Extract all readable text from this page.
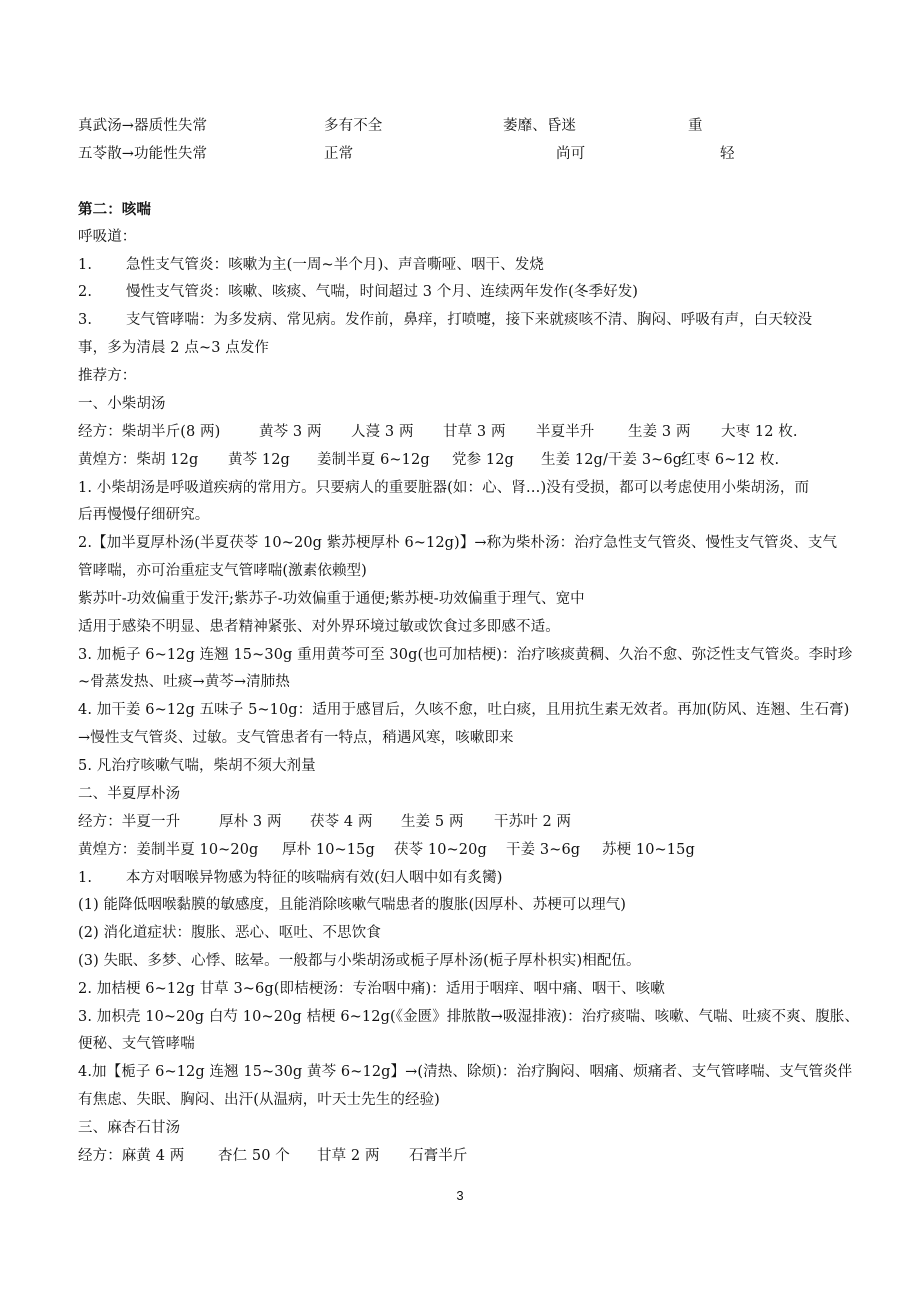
真武汤→器质性失常	多有不全	萎靡、昏迷	重
五苓散→功能性失常	正常	尚可	轻
第二：咳喘
呼吸道：
1. 急性支气管炎：咳嗽为主(一周~半个月)、声音嘶哑、咽干、发烧
2. 慢性支气管炎：咳嗽、咳痰、气喘，时间超过 3 个月、连续两年发作(冬季好发)
3. 支气管哮喘：为多发病、常见病。发作前，鼻痒，打喷嚏，接下来就痰咳不清、胸闷、呼吸有声，白天较没
事，多为清晨 2 点~3 点发作
推荐方：
一、小柴胡汤
经方：柴胡半斤(8 两)	黄芩 3 两 人蓡 3 两 甘草 3 两 半夏半升 生姜 3 两 大枣 12 枚.
黄煌方：柴胡 12g 黄芩 12g 姜制半夏 6~12g 党参 12g 生姜 12g/干姜 3~6g
红枣 6~12 枚.
1. 小柴胡汤是呼吸道疾病的常用方。只要病人的重要脏器(如：心、肾…)没有受损，都可以考虑使用小柴胡汤，而
后再慢慢仔细研究。
2.【加半夏厚朴汤(半夏茯苓 10~20g 紫苏梗厚朴 6~12g)】→称为柴朴汤：治疗急性支气管炎、慢性支气管炎、支气
管哮喘，亦可治重症支气管哮喘(激素依赖型)
紫苏叶-功效偏重于发汗;紫苏子-功效偏重于通便;紫苏梗-功效偏重于理气、宽中
适用于感染不明显、患者精神紧张、对外界环境过敏或饮食过多即感不适。
3. 加栀子 6~12g 连翘 15~30g 重用黄芩可至 30g(也可加桔梗)：治疗咳痰黄稠、久治不愈、弥泛性支气管炎。李时珍
~骨蒸发热、吐痰→黄芩→清肺热
4. 加干姜 6~12g 五味子 5~10g：适用于感冒后，久咳不愈，吐白痰，且用抗生素无效者。再加(防风、连翘、生石膏)
→慢性支气管炎、过敏。支气管患者有一特点，稍遇风寒，咳嗽即来
5. 凡治疗咳嗽气喘，柴胡不须大剂量
二、半夏厚朴汤
经方：半夏一升	厚朴 3 两 茯苓 4 两 生姜 5 两 干苏叶 2 两
黄煌方：姜制半夏 10~20g 厚朴 10~15g 茯苓 10~20g 干姜 3~6g 苏梗 10~15g
1. 本方对咽喉异物感为特征的咳喘病有效(妇人咽中如有炙臠)
(1) 能降低咽喉黏膜的敏感度，且能消除咳嗽气喘患者的腹胀(因厚朴、苏梗可以理气)
(2) 消化道症状：腹胀、恶心、呕吐、不思饮食
(3) 失眠、多梦、心悸、眩晕。一般都与小柴胡汤或栀子厚朴汤(栀子厚朴枳实)相配伍。
2. 加桔梗 6~12g 甘草 3~6g(即桔梗汤：专治咽中痛)：适用于咽痒、咽中痛、咽干、咳嗽
3. 加枳壳 10~20g 白芍 10~20g 桔梗 6~12g(《金匮》排脓散→吸湿排液)：治疗痰喘、咳嗽、气喘、吐痰不爽、腹胀、
便秘、支气管哮喘
4.加【栀子 6~12g 连翘 15~30g 黄芩 6~12g】→(清热、除烦)：治疗胸闷、咽痛、烦痛者、支气管哮喘、支气管炎伴
有焦虑、失眠、胸闷、出汗(从温病，叶天士先生的经验)
三、麻杏石甘汤
经方：麻黄 4 两 杏仁 50 个 甘草 2 两 石膏半斤
3
